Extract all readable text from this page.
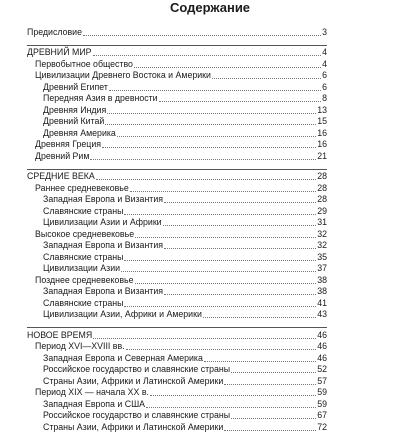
Содержание
Предисловие	3
ДРЕВНИЙ МИР	4
Первобытное общество	4
Цивилизации Древнего Востока и Америки	6
Древний Египет	6
Передняя Азия в древности	8
Древняя Индия	13
Древний Китай	15
Древняя Америка	16
Древняя Греция	16
Древний Рим	21
СРЕДНИЕ ВЕКА	28
Раннее средневековье	28
Западная Европа и Византия	28
Славянские страны	29
Цивилизации Азии и Африки	31
Высокое средневековье	32
Западная Европа и Византия	32
Славянские страны	35
Цивилизации Азии	37
Позднее средневековье	38
Западная Европа и Византия	38
Славянские страны	41
Цивилизации Азии, Африки и Америки	43
НОВОЕ ВРЕМЯ	46
Период XVI—XVIII вв.	46
Западная Европа и Северная Америка	46
Российское государство и славянские страны	52
Страны Азии, Африки и Латинской Америки	57
Период XIX — начала XX в.	59
Западная Европа и США	59
Российское государство и славянские страны	67
Страны Азии, Африки и Латинской Америки	72
